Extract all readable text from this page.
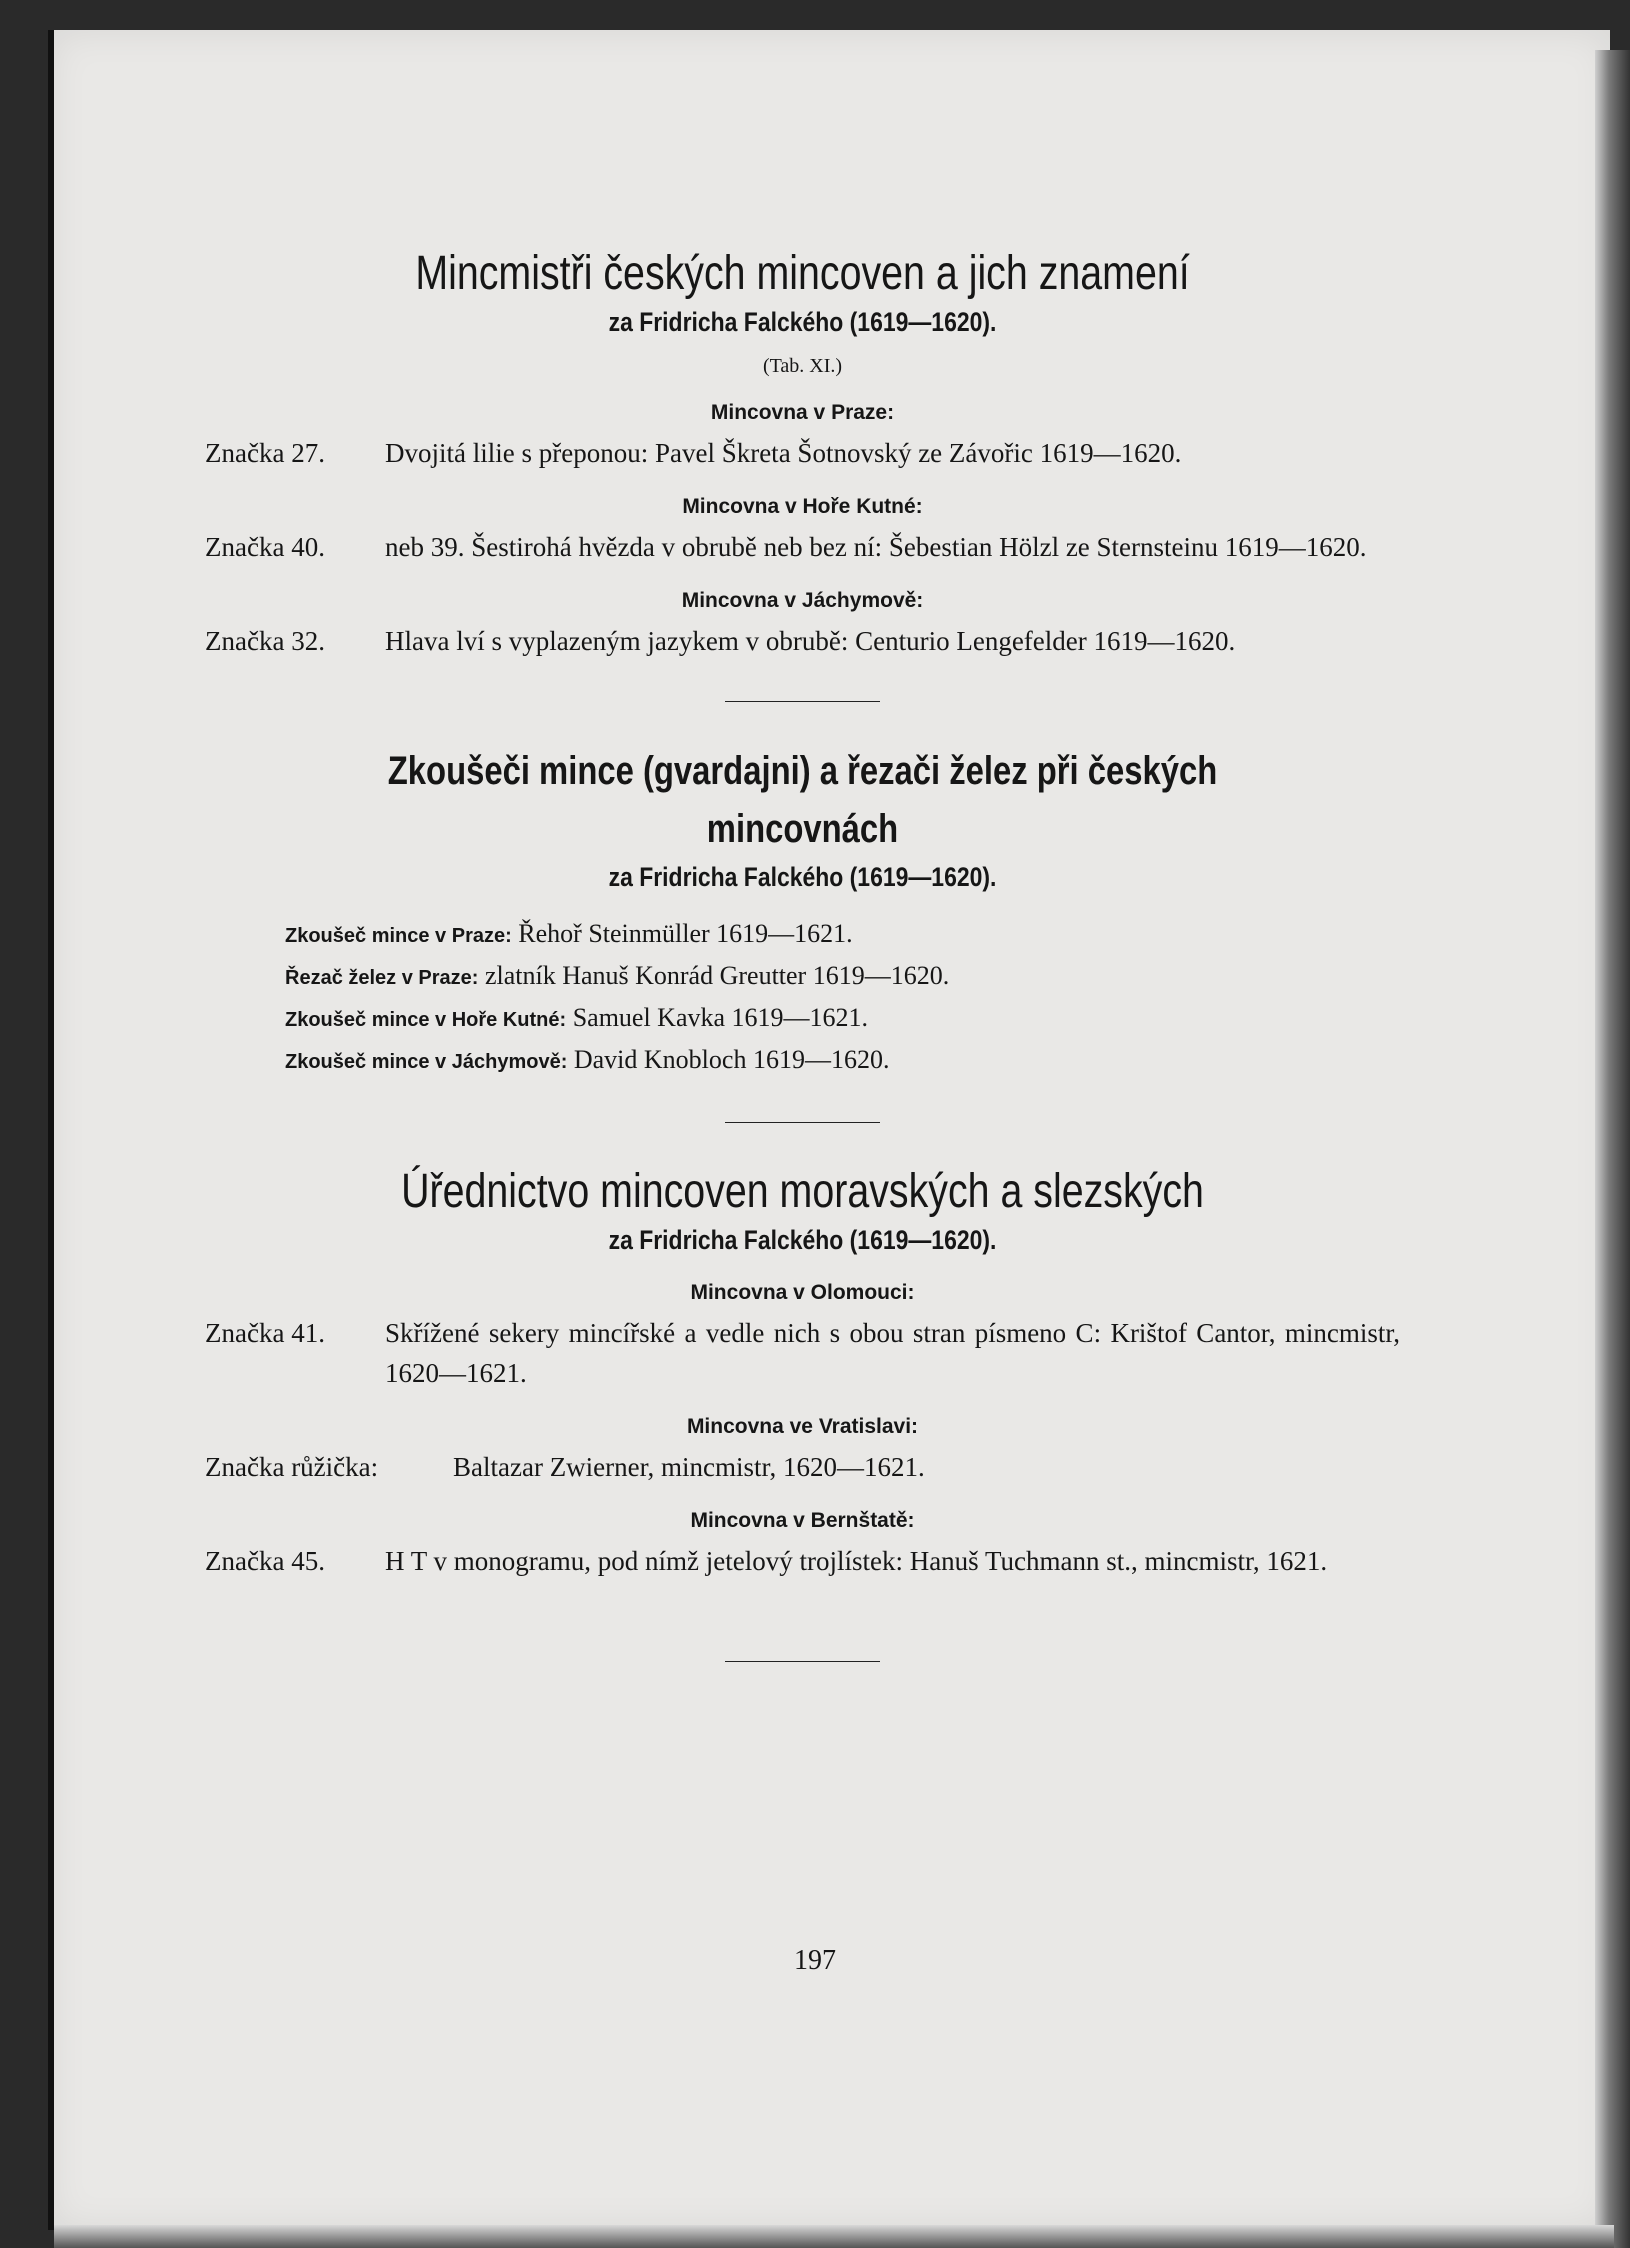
Mincmistři českých mincoven a jich znamení
za Fridricha Falckého (1619—1620).
(Tab. XI.)
Mincovna v Praze:
Značka 27.	Dvojitá lilie s přeponou: Pavel Škreta Šotnovský ze Závořic 1619—1620.
Mincovna v Hoře Kutné:
Značka 40.	neb 39. Šestirohá hvězda v obrubě neb bez ní: Šebestian Hölzl ze Sternsteinu 1619—1620.
Mincovna v Jáchymově:
Značka 32.	Hlava lví s vyplazeným jazykem v obrubě: Centurio Lengefelder 1619—1620.
Zkoušeči mince (gvardajni) a řezači želez při českých mincovnách
za Fridricha Falckého (1619—1620).
Zkoušeč mince v Praze: Řehoř Steinmüller 1619—1621.
Řezač želez v Praze: zlatník Hanuš Konrád Greutter 1619—1620.
Zkoušeč mince v Hoře Kutné: Samuel Kavka 1619—1621.
Zkoušeč mince v Jáchymově: David Knobloch 1619—1620.
Úřednictvo mincoven moravských a slezských
za Fridricha Falckého (1619—1620).
Mincovna v Olomouci:
Značka 41.	Skřížené sekery mincířské a vedle nich s obou stran písmeno C: Krištof Cantor, mincmistr, 1620—1621.
Mincovna ve Vratislavi:
Značka růžička:	Baltazar Zwierner, mincmistr, 1620—1621.
Mincovna v Bernštatě:
Značka 45.	H T v monogramu, pod nímž jetelový trojlístek: Hanuš Tuchmann st., mincmistr, 1621.
197
